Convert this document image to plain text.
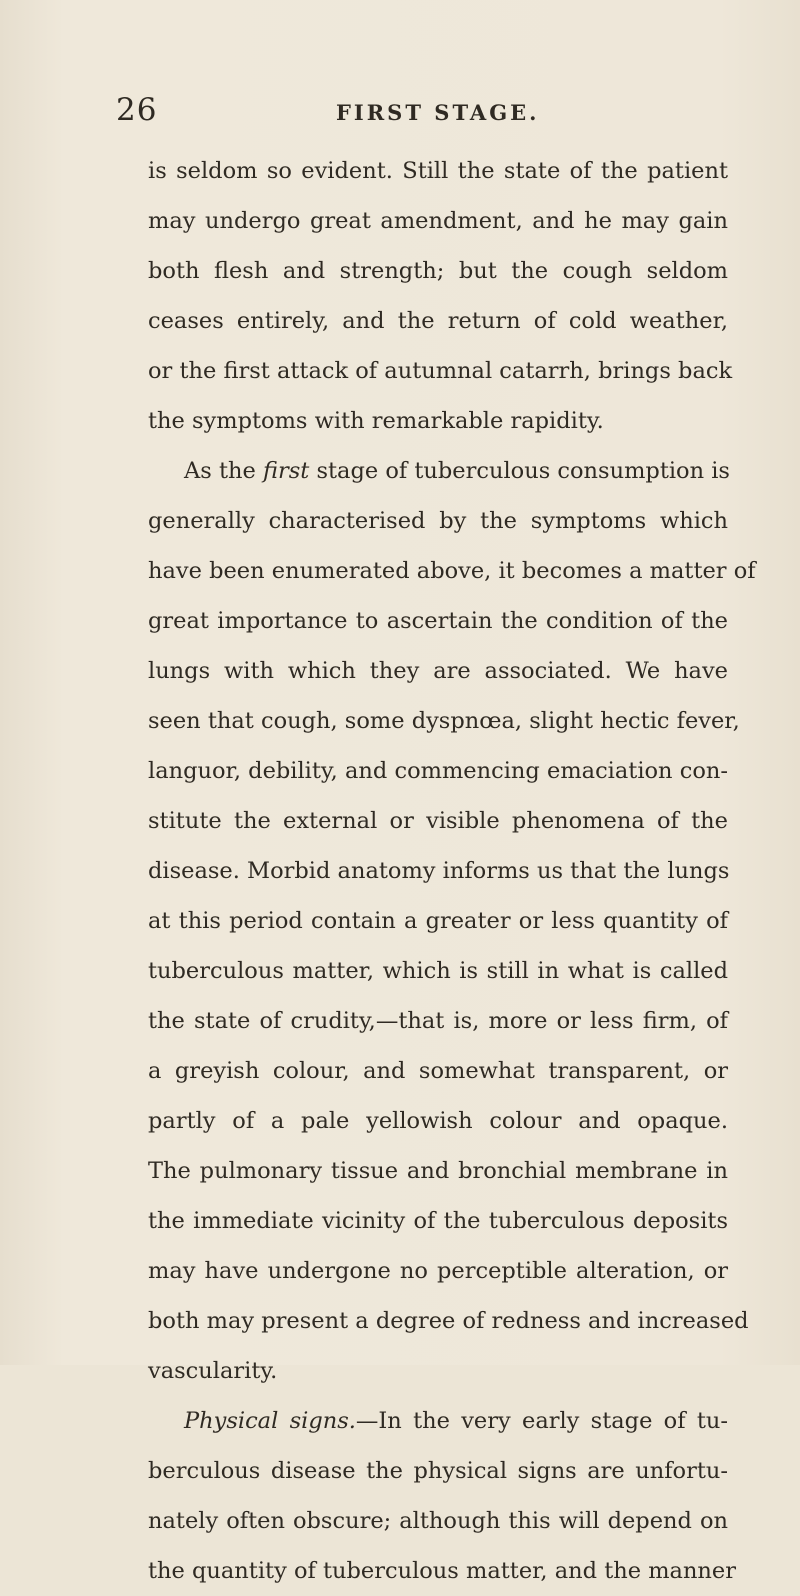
26	FIRST STAGE.
is seldom so evident. Still the state of the patient
may undergo great amendment, and he may gain
both flesh and strength; but the cough seldom
ceases entirely, and the return of cold weather,
or the first attack of autumnal catarrh, brings back
the symptoms with remarkable rapidity.
As the first stage of tuberculous consumption is
generally characterised by the symptoms which
have been enumerated above, it becomes a matter of
great importance to ascertain the condition of the
lungs with which they are associated. We have
seen that cough, some dyspnœa, slight hectic fever,
languor, debility, and commencing emaciation con-
stitute the external or visible phenomena of the
disease. Morbid anatomy informs us that the lungs
at this period contain a greater or less quantity of
tuberculous matter, which is still in what is called
the state of crudity,—that is, more or less firm, of
a greyish colour, and somewhat transparent, or
partly of a pale yellowish colour and opaque.
The pulmonary tissue and bronchial membrane in
the immediate vicinity of the tuberculous deposits
may have undergone no perceptible alteration, or
both may present a degree of redness and increased
vascularity.
Physical signs.—In the very early stage of tu-
berculous disease the physical signs are unfortu-
nately often obscure; although this will depend on
the quantity of tuberculous matter, and the manner
